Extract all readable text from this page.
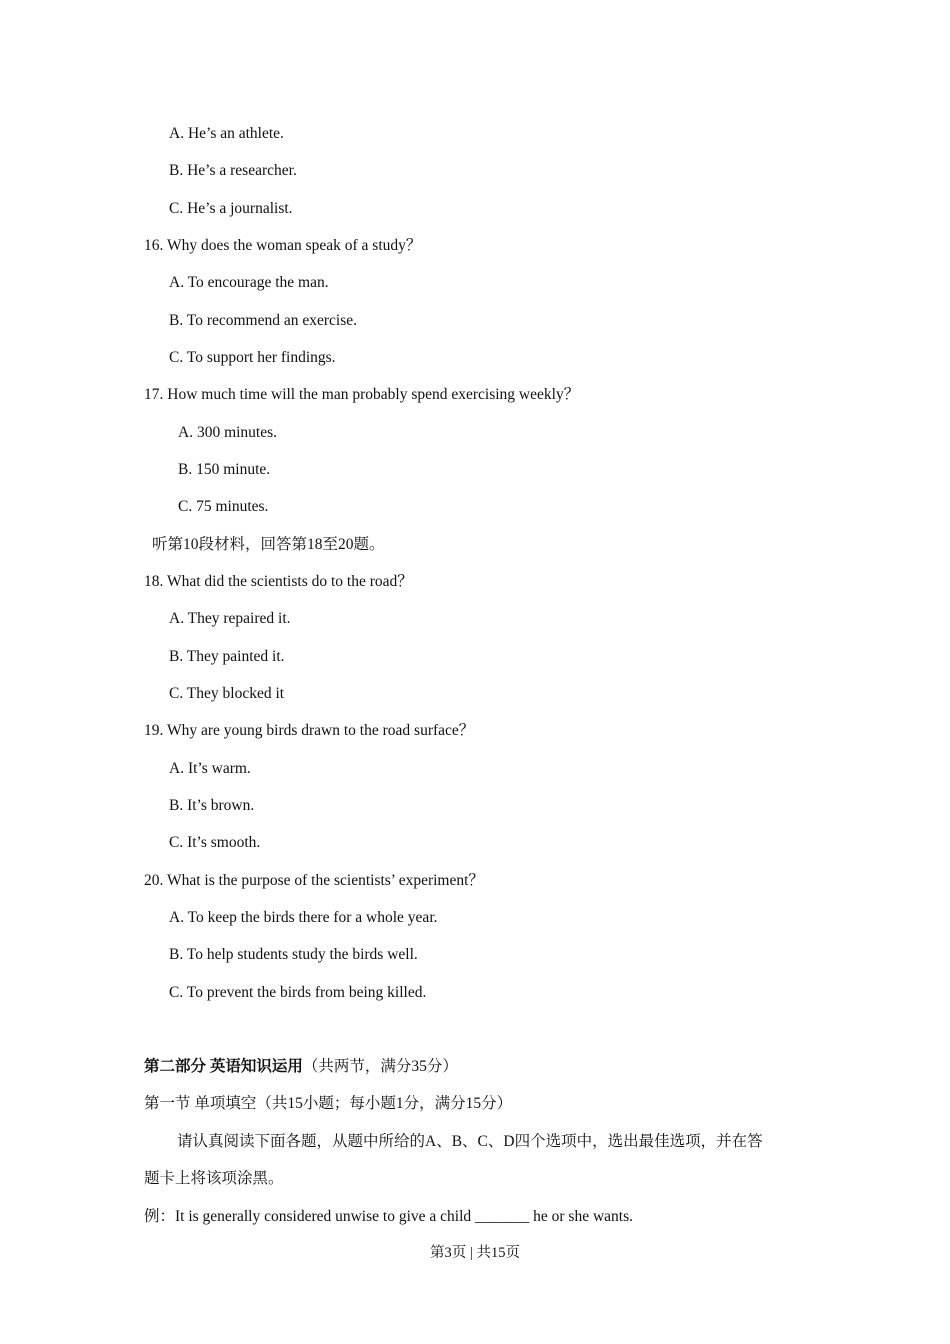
A. He’s an athlete.
B. He’s a researcher.
C. He’s a journalist.
16. Why does the woman speak of a study？
A. To encourage the man.
B. To recommend an exercise.
C. To support her findings.
17. How much time will the man probably spend exercising weekly？
A. 300 minutes.
B. 150 minute.
C. 75 minutes.
听第10段材料，回答第18至20题。
18. What did the scientists do to the road？
A. They repaired it.
B. They painted it.
C. They blocked it
19. Why are young birds drawn to the road surface？
A. It’s warm.
B. It’s brown.
C. It’s smooth.
20. What is the purpose of the scientists’ experiment？
A. To keep the birds there for a whole year.
B. To help students study the birds well.
C. To prevent the birds from being killed.
第二部分 英语知识运用（共两节，满分35分）
第一节 单项填空（共15小题；每小题1分，满分15分）
请认真阅读下面各题，从题中所给的A、B、C、D四个选项中，选出最佳选项，并在答
题卡上将该项涂黑。
例：It is generally considered unwise to give a child _______ he or she wants.
第3页 | 共15页
